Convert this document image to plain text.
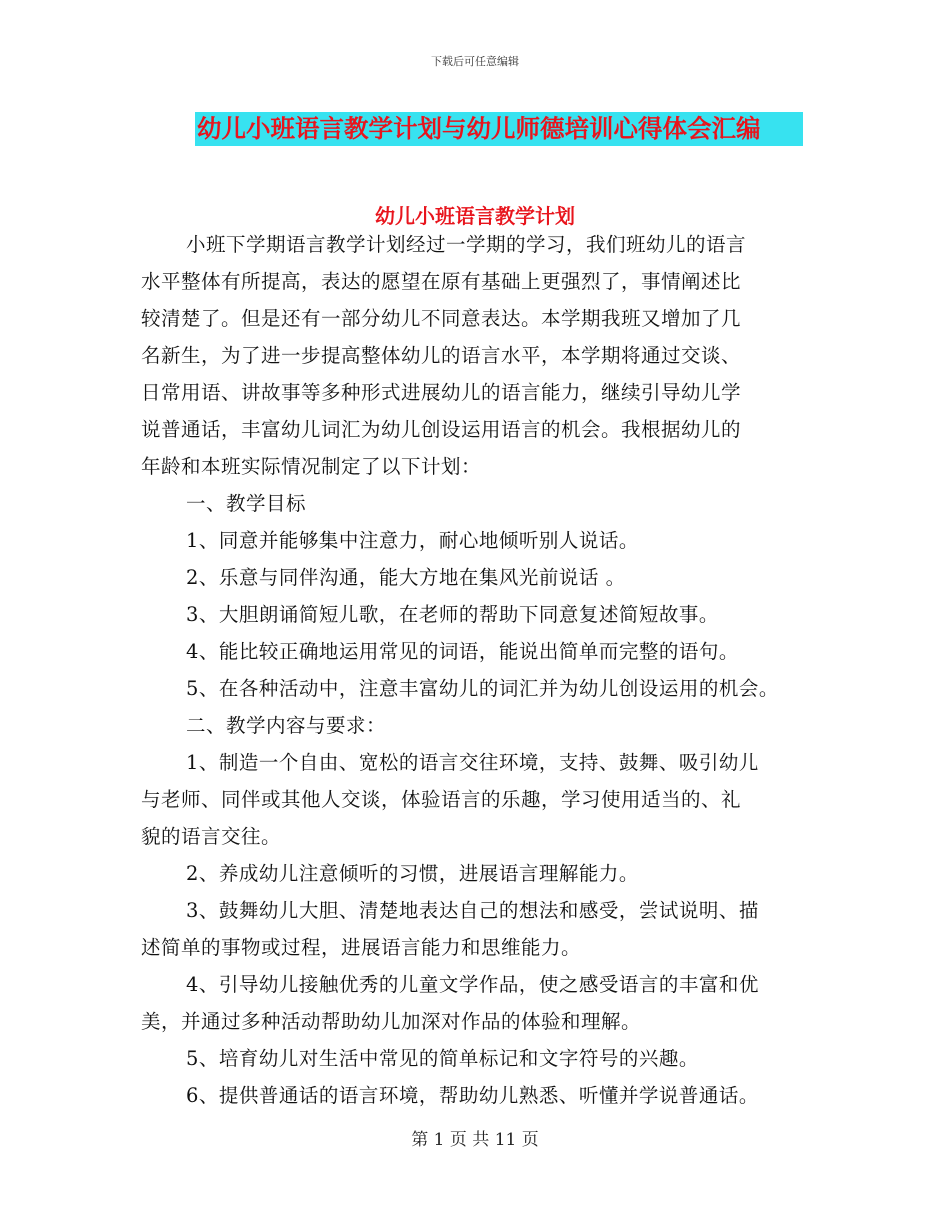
下载后可任意编辑
幼儿小班语言教学计划与幼儿师德培训心得体会汇编
幼儿小班语言教学计划
小班下学期语言教学计划经过一学期的学习，我们班幼儿的语言
水平整体有所提高，表达的愿望在原有基础上更强烈了，事情阐述比
较清楚了。但是还有一部分幼儿不同意表达。本学期我班又增加了几
名新生，为了进一步提高整体幼儿的语言水平，本学期将通过交谈、
日常用语、讲故事等多种形式进展幼儿的语言能力，继续引导幼儿学
说普通话，丰富幼儿词汇为幼儿创设运用语言的机会。我根据幼儿的
年龄和本班实际情况制定了以下计划：
一、教学目标
1、同意并能够集中注意力，耐心地倾听别人说话。
2、乐意与同伴沟通，能大方地在集风光前说话 。
3、大胆朗诵简短儿歌，在老师的帮助下同意复述简短故事。
4、能比较正确地运用常见的词语，能说出简单而完整的语句。
5、在各种活动中，注意丰富幼儿的词汇并为幼儿创设运用的机会。
二、教学内容与要求：
1、制造一个自由、宽松的语言交往环境，支持、鼓舞、吸引幼儿
与老师、同伴或其他人交谈，体验语言的乐趣，学习使用适当的、礼
貌的语言交往。
2、养成幼儿注意倾听的习惯，进展语言理解能力。
3、鼓舞幼儿大胆、清楚地表达自己的想法和感受，尝试说明、描
述简单的事物或过程，进展语言能力和思维能力。
4、引导幼儿接触优秀的儿童文学作品，使之感受语言的丰富和优
美，并通过多种活动帮助幼儿加深对作品的体验和理解。
5、培育幼儿对生活中常见的简单标记和文字符号的兴趣。
6、提供普通话的语言环境，帮助幼儿熟悉、听懂并学说普通话。
第 1 页 共 11 页
